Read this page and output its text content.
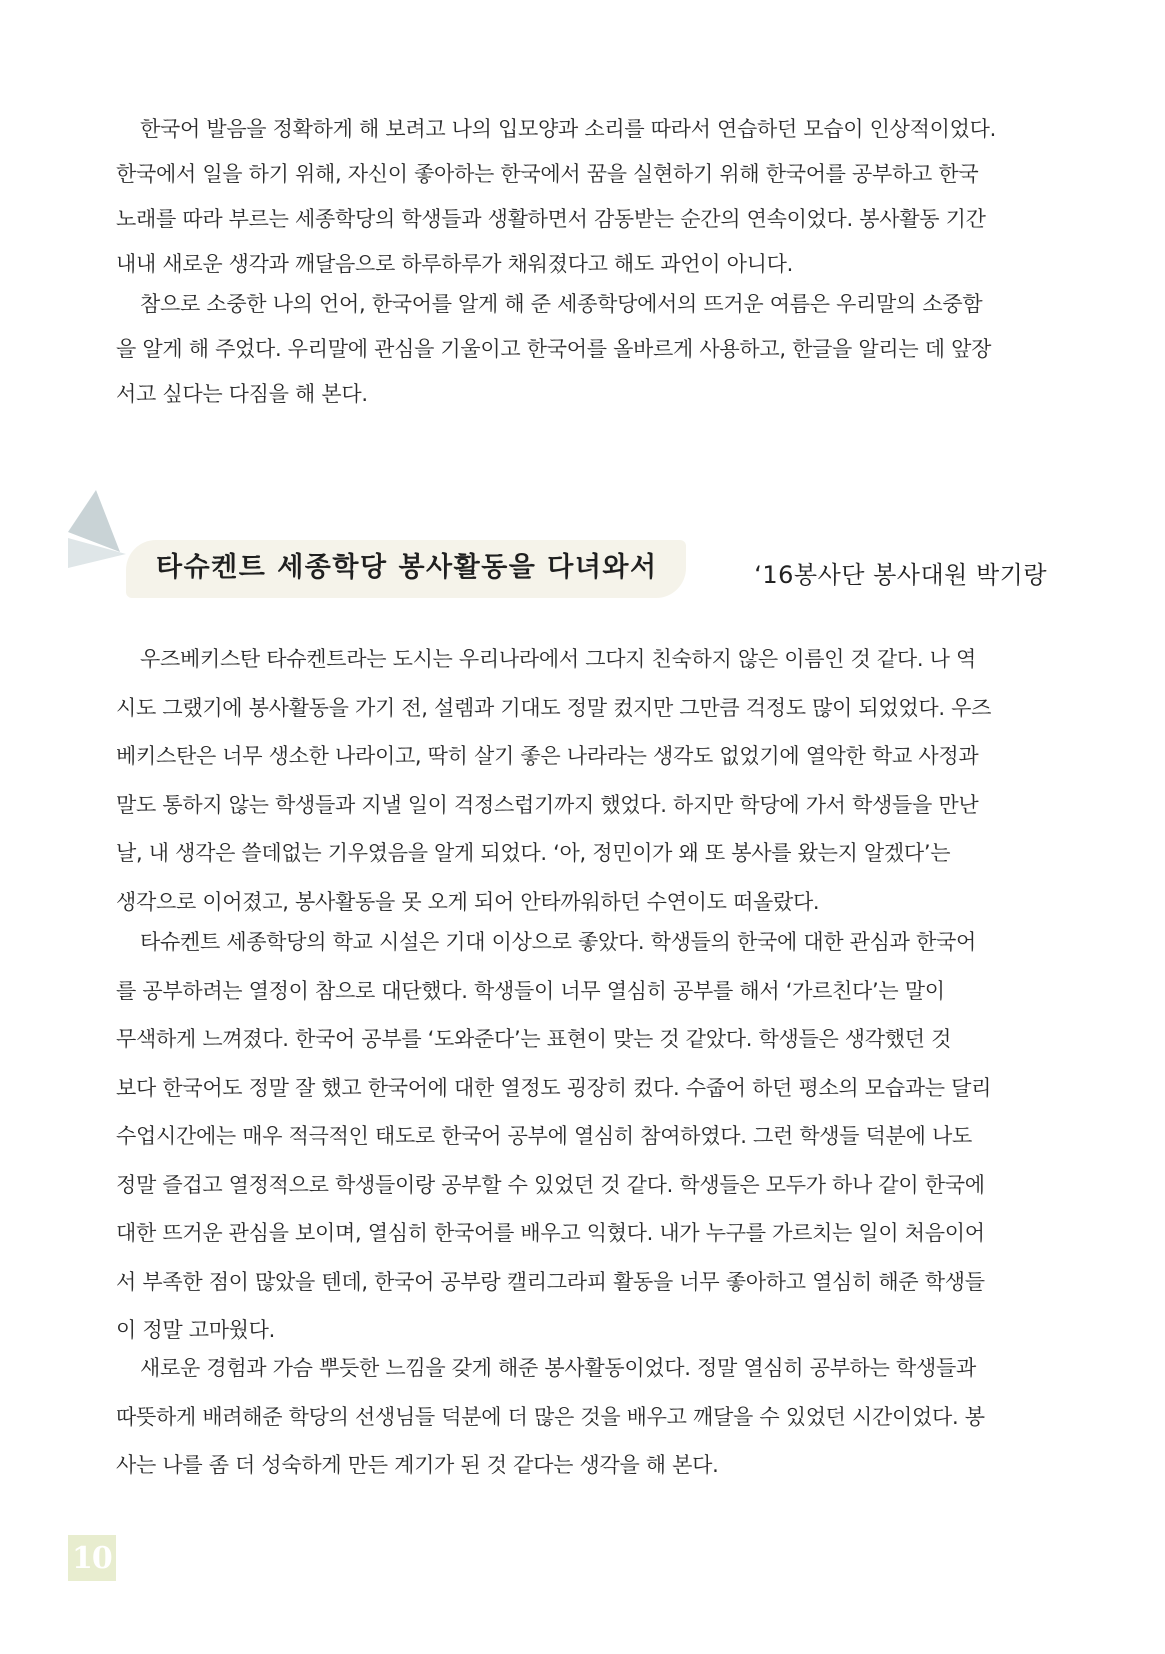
한국어 발음을 정확하게 해 보려고 나의 입모양과 소리를 따라서 연습하던 모습이 인상적이었다.
한국에서 일을 하기 위해, 자신이 좋아하는 한국에서 꿈을 실현하기 위해 한국어를 공부하고 한국
노래를 따라 부르는 세종학당의 학생들과 생활하면서 감동받는 순간의 연속이었다. 봉사활동 기간
내내 새로운 생각과 깨달음으로 하루하루가 채워졌다고 해도 과언이 아니다.
참으로 소중한 나의 언어, 한국어를 알게 해 준 세종학당에서의 뜨거운 여름은 우리말의 소중함
을 알게 해 주었다. 우리말에 관심을 기울이고 한국어를 올바르게 사용하고, 한글을 알리는 데 앞장
서고 싶다는 다짐을 해 본다.
타슈켄트 세종학당 봉사활동을 다녀와서	‘16봉사단 봉사대원 박기랑
우즈베키스탄 타슈켄트라는 도시는 우리나라에서 그다지 친숙하지 않은 이름인 것 같다. 나 역
시도 그랬기에 봉사활동을 가기 전, 설렘과 기대도 정말 컸지만 그만큼 걱정도 많이 되었었다. 우즈
베키스탄은 너무 생소한 나라이고, 딱히 살기 좋은 나라라는 생각도 없었기에 열악한 학교 사정과
말도 통하지 않는 학생들과 지낼 일이 걱정스럽기까지 했었다. 하지만 학당에 가서 학생들을 만난
날, 내 생각은 쓸데없는 기우였음을 알게 되었다. ‘아, 정민이가 왜 또 봉사를 왔는지 알겠다’는
생각으로 이어졌고, 봉사활동을 못 오게 되어 안타까워하던 수연이도 떠올랐다.
타슈켄트 세종학당의 학교 시설은 기대 이상으로 좋았다. 학생들의 한국에 대한 관심과 한국어
를 공부하려는 열정이 참으로 대단했다. 학생들이 너무 열심히 공부를 해서 ‘가르친다’는 말이
무색하게 느껴졌다. 한국어 공부를 ‘도와준다’는 표현이 맞는 것 같았다. 학생들은 생각했던 것
보다 한국어도 정말 잘 했고 한국어에 대한 열정도 굉장히 컸다. 수줍어 하던 평소의 모습과는 달리
수업시간에는 매우 적극적인 태도로 한국어 공부에 열심히 참여하였다. 그런 학생들 덕분에 나도
정말 즐겁고 열정적으로 학생들이랑 공부할 수 있었던 것 같다. 학생들은 모두가 하나 같이 한국에
대한 뜨거운 관심을 보이며, 열심히 한국어를 배우고 익혔다. 내가 누구를 가르치는 일이 처음이어
서 부족한 점이 많았을 텐데, 한국어 공부랑 캘리그라피 활동을 너무 좋아하고 열심히 해준 학생들
이 정말 고마웠다.
새로운 경험과 가슴 뿌듯한 느낌을 갖게 해준 봉사활동이었다. 정말 열심히 공부하는 학생들과
따뜻하게 배려해준 학당의 선생님들 덕분에 더 많은 것을 배우고 깨달을 수 있었던 시간이었다. 봉
사는 나를 좀 더 성숙하게 만든 계기가 된 것 같다는 생각을 해 본다.
10
